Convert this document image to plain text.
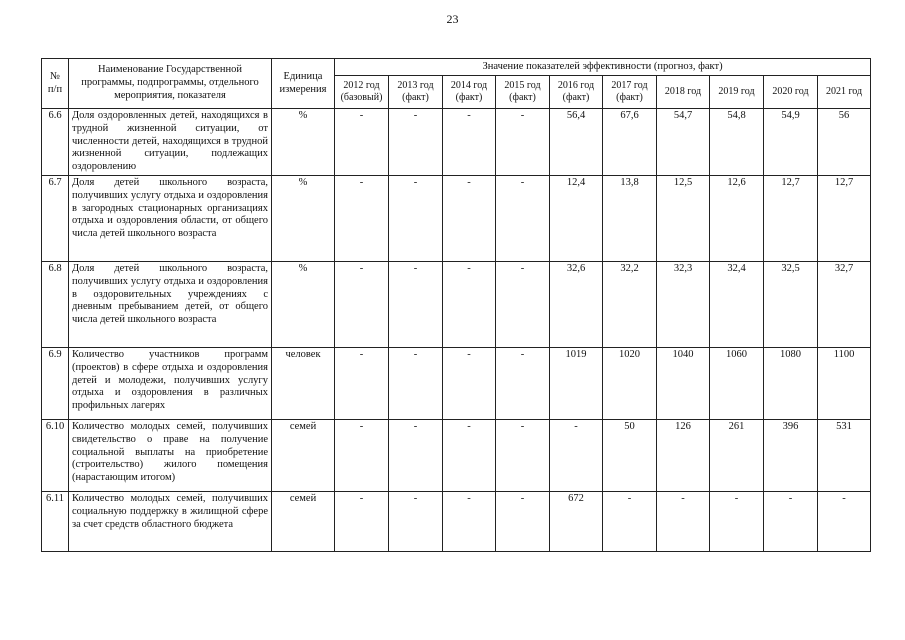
23
№ п/п	Наименование Государственной программы, подпрограммы, отдельного мероприятия, показателя	Единица измерения	Значение показателей эффективности (прогноз, факт)									
			2012 год (базовый)	2013 год (факт)	2014 год (факт)	2015 год (факт)	2016 год (факт)	2017 год (факт)	2018 год	2019 год	2020 год	2021 год
6.6	Доля оздоровленных детей, находящихся в трудной жизненной ситуации, от численности детей, находящихся в трудной жизненной ситуации, подлежащих оздоровлению	%	-	-	-	-	56,4	67,6	54,7	54,8	54,9	56
6.7	Доля детей школьного возраста, получивших услугу отдыха и оздоровления в загородных стационарных организациях отдыха и оздоровления области, от общего числа детей школьного возраста	%	-	-	-	-	12,4	13,8	12,5	12,6	12,7	12,7
6.8	Доля детей школьного возраста, получивших услугу отдыха и оздоровления в оздоровительных учреждениях с дневным пребыванием детей, от общего числа детей школьного возраста	%	-	-	-	-	32,6	32,2	32,3	32,4	32,5	32,7
6.9	Количество участников программ (проектов) в сфере отдыха и оздоровления детей и молодежи, получивших услугу отдыха и оздоровления в различных профильных лагерях	человек	-	-	-	-	1019	1020	1040	1060	1080	1100
6.10	Количество молодых семей, получивших свидетельство о праве на получение социальной выплаты на приобретение (строительство) жилого помещения (нарастающим итогом)	семей	-	-	-	-	-	50	126	261	396	531
6.11	Количество молодых семей, получивших социальную поддержку в жилищной сфере за счет средств областного бюджета	семей	-	-	-	-	672	-	-	-	-	-
